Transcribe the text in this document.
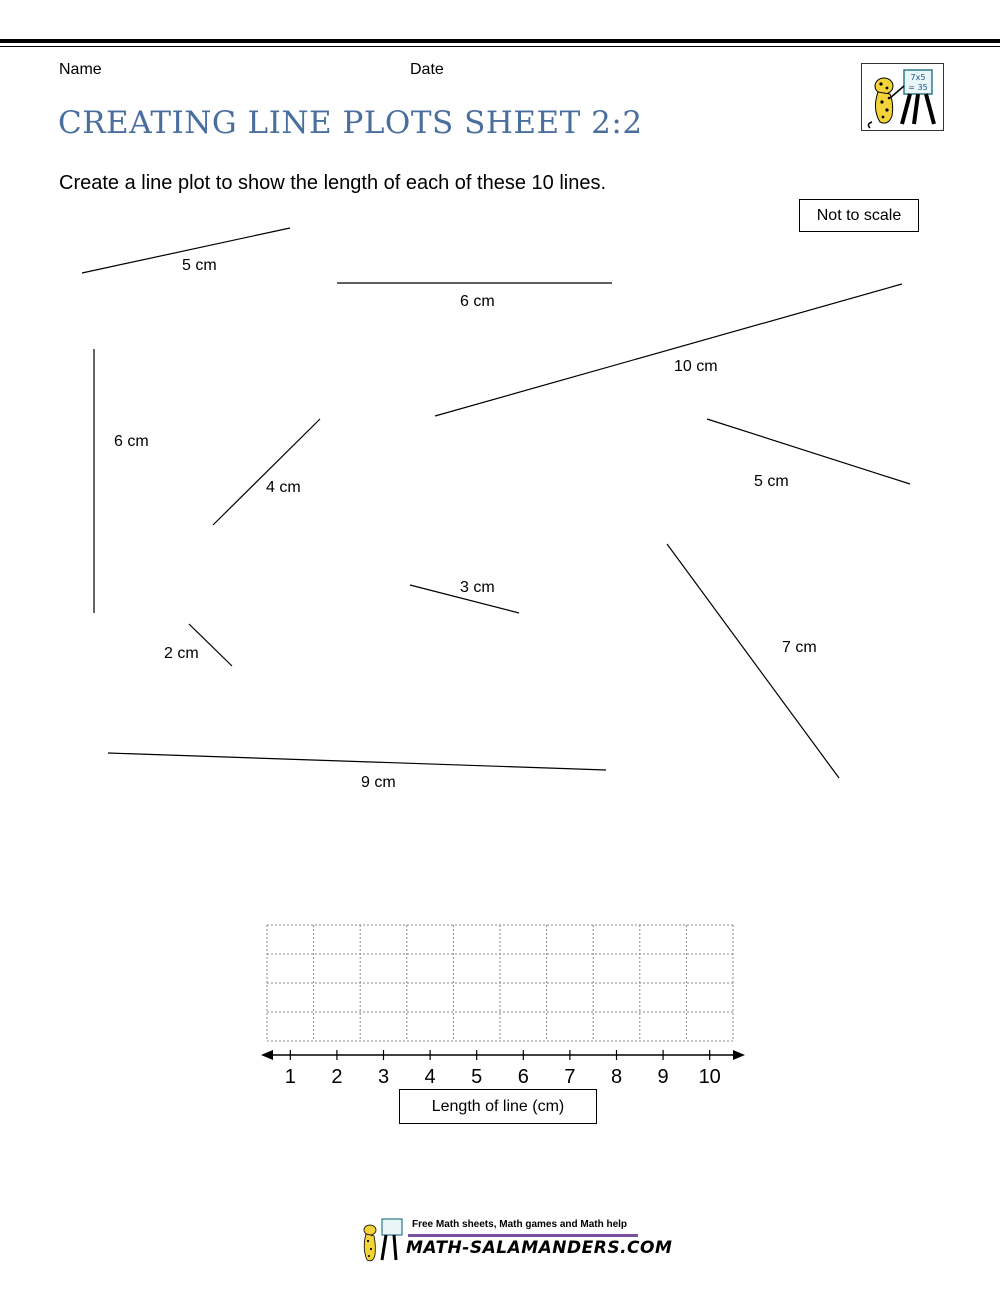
Name	Date
CREATING LINE PLOTS SHEET 2:2
7x5
= 35
Create a line plot to show the length of each of these 10 lines.
Not to scale
5 cm
6 cm
10 cm
6 cm
4 cm	5 cm
3 cm
2 cm	7 cm
9 cm
1 2 3 4 5 6 7 8 9 10
Length of line (cm)
Free Math sheets, Math games and Math help
MATH-SALAMANDERS.COM
